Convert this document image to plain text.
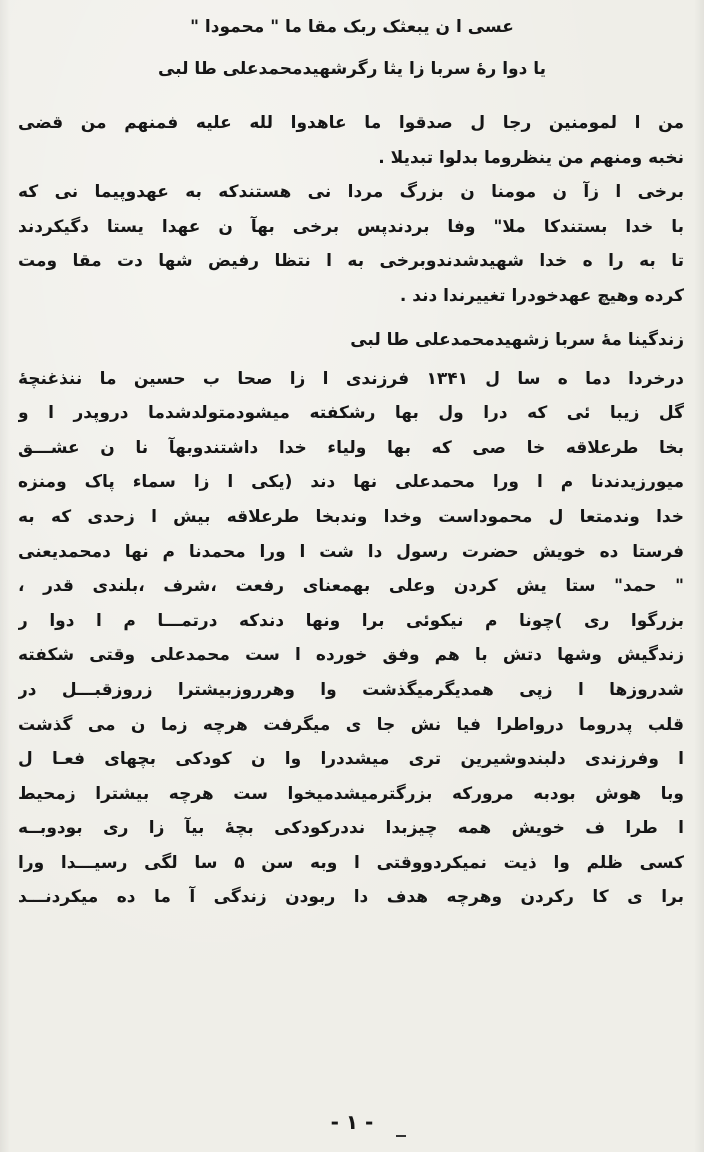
عسی ا ن یبعثک ربک مقا ما " محمودا "
یا دوا رهٔ سربا زا یثا رگرشهیدمحمدعلی طا لبی
من ا لمومنین رجا ل صدقوا ما عاهدوا لله علیه فمنهم من قضی
نخبه ومنهم من ینظروما بدلوا تبدیلا .
برخی ا زآ ن مومنا ن بزرگ مردا نی هستندکه به عهدوپیما نی که
با خدا بستندکا ملا" وفا بردندپس برخی بهآ ن عهدا یستا دگیکردند
تا به را ه خدا شهیدشدندوبرخی به ا نتظا رفیض شها دت مقا ومت
کرده وهیچ عهدخودرا تغییرندا دند .
زندگینا مهٔ سربا زشهیدمحمدعلی طا لبی
درخردا دما ه سا ل ۱۳۴۱ فرزندی ا زا صحا ب حسین ما ننذغنچهٔ
گل زیبا ئی که درا ول بها رشکفته میشودمتولدشدما دروپدر ا و
بخا طرعلاقه خا صی که بها ولیاء خدا داشتندوبهآ نا ن عشـــق
میورزیدندنا م ا ورا محمدعلی نها دند (یکی ا زا سماء پاک ومنزه
خدا وندمتعا ل محموداست وخدا وندبخا طرعلاقه بیش ا زحدی که به
فرستا ده خویش حضرت رسول دا شت ا ورا محمدنا م نها دمحمدیعنی
" حمد" ستا یش کردن وعلی بهمعنای رفعت ،شرف ،بلندی قدر ،
بزرگوا ری )چونا م نیکوئی برا ونها دندکه درتمـــا م ا دوا ر
زندگیش وشها دتش با هم وفق خورده ا ست محمدعلی وقتی شکفته
شدروزها ا زپی همدیگرمیگذشت وا وهرروزبیشترا زروزقبـــل در
قلب پدروما درواطرا فیا نش جا ی میگرفت هرچه زما ن می گذشت
ا وفرزندی دلبندوشیرین تری میشددرا وا ن کودکی بچهای فعـا ل
وبا هوش بودبه مرورکه بزرگترمیشدمیخوا ست هرچه بیشترا زمحیط
ا طرا ف خویش همه چیزبدا نددرکودکی بچهٔ بیآ زا ری بودوبــه
کسی ظلم وا ذیت نمیکردووقتی ا وبه سن ۵ سا لگی رسیـــدا ورا
برا ی کا رکردن وهرچه هدف دا ربودن زندگی آ ما ده میکردنـــد
- ۱ -
